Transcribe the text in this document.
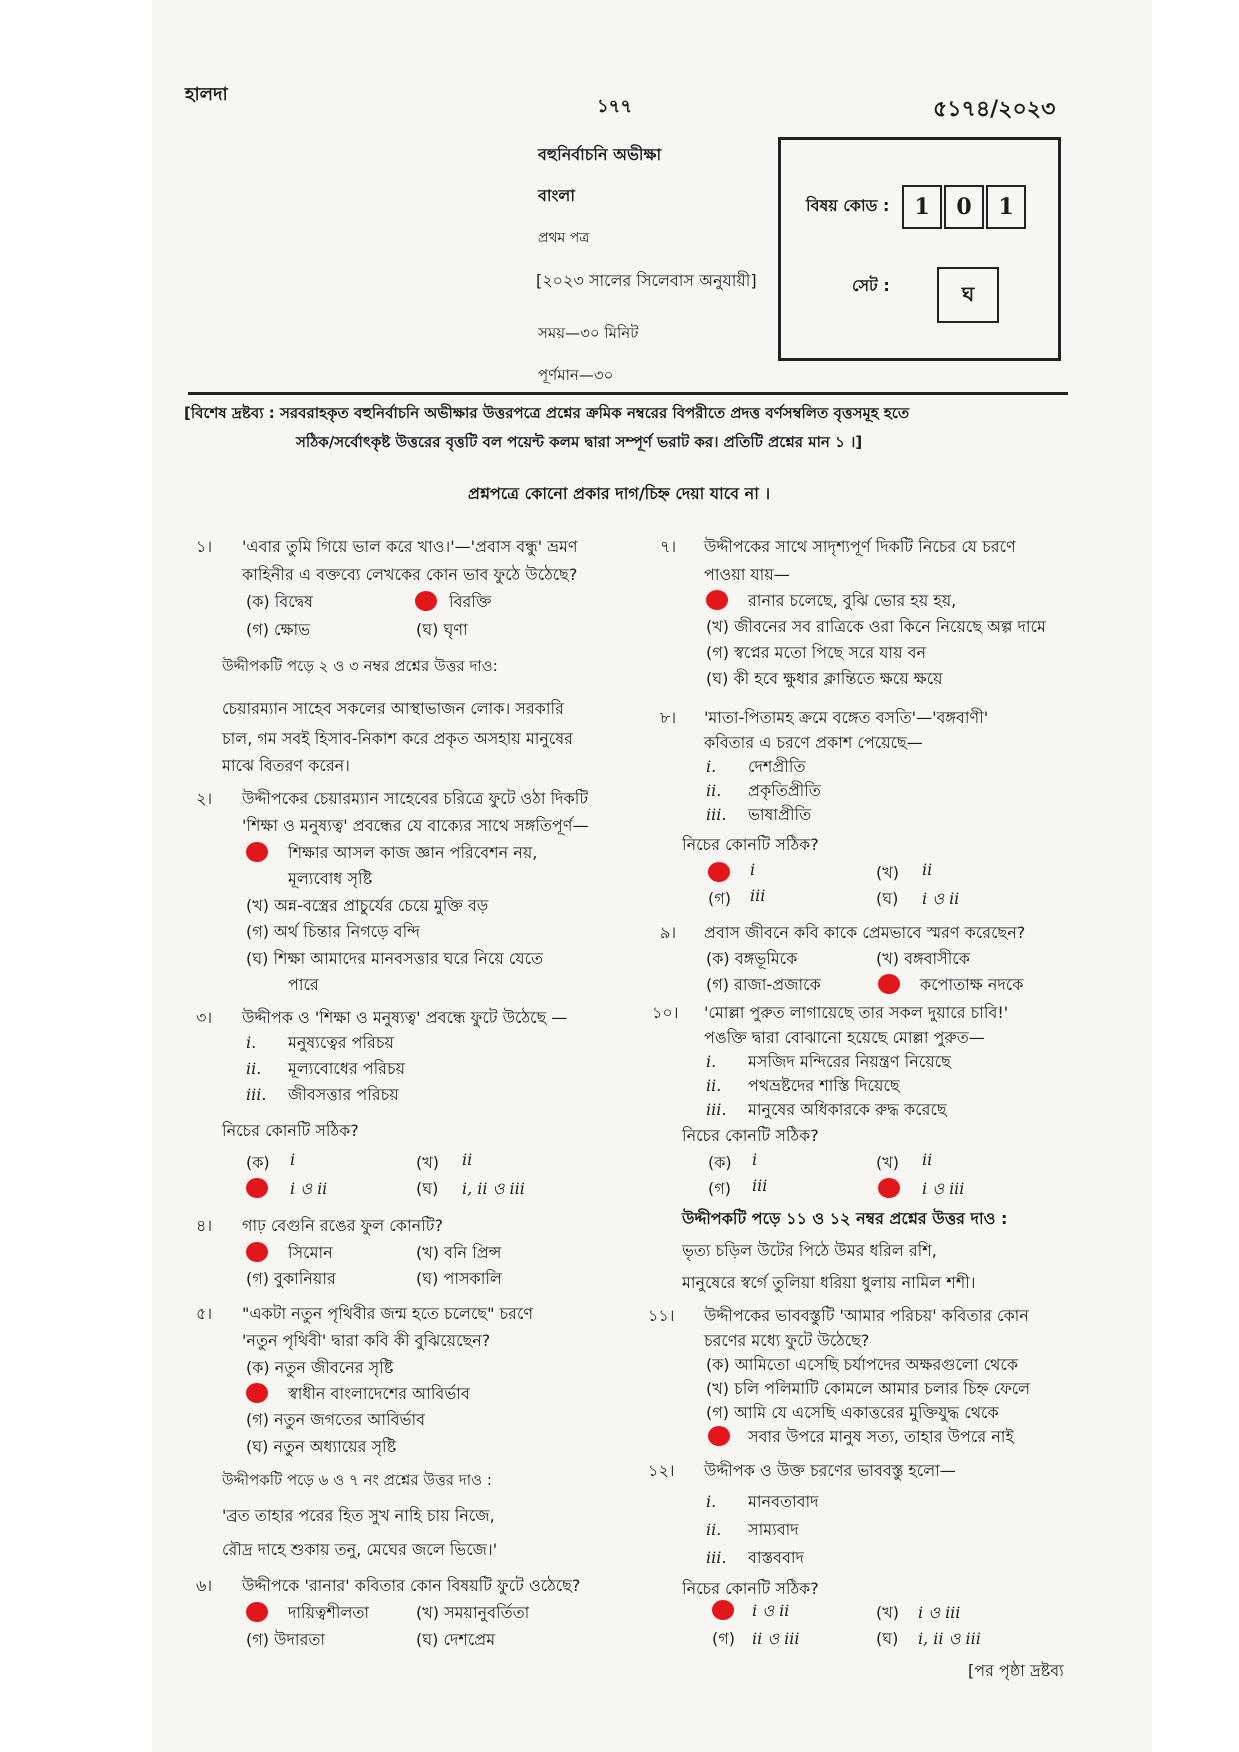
হালদা
১৭৭	৫১৭৪/২০২৩
বহুনির্বাচনি অভীক্ষা
বাংলা
প্রথম পত্র
[২০২৩ সালের সিলেবাস অনুযায়ী]
সময়—৩০ মিনিট
পূর্ণমান—৩০
বিষয় কোড :	1	0	1
সেট :	ঘ
[বিশেষ দ্রষ্টব্য : সরবরাহকৃত বহুনির্বাচনি অভীক্ষার উত্তরপত্রে প্রশ্নের ক্রমিক নম্বরের বিপরীতে প্রদত্ত বর্ণসম্বলিত বৃত্তসমূহ হতে
সঠিক/সর্বোৎকৃষ্ট উত্তরের বৃত্তটি বল পয়েন্ট কলম দ্বারা সম্পূর্ণ ভরাট কর। প্রতিটি প্রশ্নের মান ১ ।]
প্রশ্নপত্রে কোনো প্রকার দাগ/চিহ্ন দেয়া যাবে না ।
১। 'এবার তুমি গিয়ে ভাল করে খাও।'—'প্রবাস বন্ধু' ভ্রমণ
কাহিনীর এ বক্তব্যে লেখকের কোন ভাব ফুঠে উঠেছে?
(ক) বিদ্বেষ	বিরক্তি
(গ) ক্ষোভ	(ঘ) ঘৃণা
উদ্দীপকটি পড়ে ২ ও ৩ নম্বর প্রশ্নের উত্তর দাও:
চেয়ারম্যান সাহেব সকলের আস্থাভাজন লোক। সরকারি
চাল, গম সবই হিসাব-নিকাশ করে প্রকৃত অসহায় মানুষের
মাঝে বিতরণ করেন।
২। উদ্দীপকের চেয়ারম্যান সাহেবের চরিত্রে ফুটে ওঠা দিকটি
'শিক্ষা ও মনুষ্যত্ব' প্রবন্ধের যে বাক্যের সাথে সঙ্গতিপূর্ণ—
শিক্ষার আসল কাজ জ্ঞান পরিবেশন নয়,
মূল্যবোধ সৃষ্টি
(খ) অন্ন-বস্ত্রের প্রাচুর্যের চেয়ে মুক্তি বড়
(গ) অর্থ চিন্তার নিগড়ে বন্দি
(ঘ) শিক্ষা আমাদের মানবসত্তার ঘরে নিয়ে যেতে
পারে
৩। উদ্দীপক ও 'শিক্ষা ও মনুষ্যত্ব' প্রবন্ধে ফুটে উঠেছে —
i. মনুষ্যত্বের পরিচয়
ii. মূল্যবোধের পরিচয়
iii. জীবসত্তার পরিচয়
নিচের কোনটি সঠিক?
(ক) i	(খ) ii
i ও ii	(ঘ) i, ii ও iii
৪। গাঢ় বেগুনি রঙের ফুল কোনটি?
সিমোন	(খ) বনি প্রিন্স
(গ) বুকানিয়ার	(ঘ) পাসকালি
৫। "একটা নতুন পৃথিবীর জন্ম হতে চলেছে" চরণে
'নতুন পৃথিবী' দ্বারা কবি কী বুঝিয়েছেন?
(ক) নতুন জীবনের সৃষ্টি
স্বাধীন বাংলাদেশের আবির্ভাব
(গ) নতুন জগতের আবির্ভাব
(ঘ) নতুন অধ্যায়ের সৃষ্টি
উদ্দীপকটি পড়ে ৬ ও ৭ নং প্রশ্নের উত্তর দাও :
'ব্রত তাহার পরের হিত সুখ নাহি চায় নিজে,
রৌদ্র দাহে শুকায় তনু, মেঘের জলে ভিজে।'
৬। উদ্দীপকে 'রানার' কবিতার কোন বিষয়টি ফুটে ওঠেছে?
দায়িত্বশীলতা	(খ) সময়ানুবর্তিতা
(গ) উদারতা	(ঘ) দেশপ্রেম
৭। উদ্দীপকের সাথে সাদৃশ্যপূর্ণ দিকটি নিচের যে চরণে
পাওয়া যায়—
রানার চলেছে, বুঝি ভোর হয় হয়,
(খ) জীবনের সব রাত্রিকে ওরা কিনে নিয়েছে অল্প দামে
(গ) স্বপ্নের মতো পিছে সরে যায় বন
(ঘ) কী হবে ক্ষুধার ক্লান্তিতে ক্ষয়ে ক্ষয়ে
৮। 'মাতা-পিতামহ ক্রমে বঙ্গেত বসতি'—'বঙ্গবাণী'
কবিতার এ চরণে প্রকাশ পেয়েছে—
i. দেশপ্রীতি
ii. প্রকৃতিপ্রীতি
iii. ভাষাপ্রীতি
নিচের কোনটি সঠিক?
i	(খ) ii
(গ) iii	(ঘ) i ও ii
৯। প্রবাস জীবনে কবি কাকে প্রেমভাবে স্মরণ করেছেন?
(ক) বঙ্গভূমিকে	(খ) বঙ্গবাসীকে
(গ) রাজা-প্রজাকে	কপোতাক্ষ নদকে
১০। 'মোল্লা পুরুত লাগায়েছে তার সকল দুয়ারে চাবি!'
পঙক্তি দ্বারা বোঝানো হয়েছে মোল্লা পুরুত—
i. মসজিদ মন্দিরের নিয়ন্ত্রণ নিয়েছে
ii. পথভ্রষ্টদের শাস্তি দিয়েছে
iii. মানুষের অধিকারকে রুদ্ধ করেছে
নিচের কোনটি সঠিক?
(ক) i	(খ) ii
(গ) iii	i ও iii
উদ্দীপকটি পড়ে ১১ ও ১২ নম্বর প্রশ্নের উত্তর দাও :
ভৃত্য চড়িল উটের পিঠে উমর ধরিল রশি,
মানুষেরে স্বর্গে তুলিয়া ধরিয়া ধুলায় নামিল শশী।
১১। উদ্দীপকের ভাববস্তুটি 'আমার পরিচয়' কবিতার কোন
চরণের মধ্যে ফুটে উঠেছে?
(ক) আমিতো এসেছি চর্যাপদের অক্ষরগুলো থেকে
(খ) চলি পলিমাটি কোমলে আমার চলার চিহ্ন ফেলে
(গ) আমি যে এসেছি একাত্তরের মুক্তিযুদ্ধ থেকে
সবার উপরে মানুষ সত্য, তাহার উপরে নাই
১২। উদ্দীপক ও উক্ত চরণের ভাববস্তু হলো—
i. মানবতাবাদ
ii. সাম্যবাদ
iii. বাস্তববাদ
নিচের কোনটি সঠিক?
i ও ii	(খ) i ও iii
(গ) ii ও iii	(ঘ) i, ii ও iii
[পর পৃষ্ঠা দ্রষ্টব্য
